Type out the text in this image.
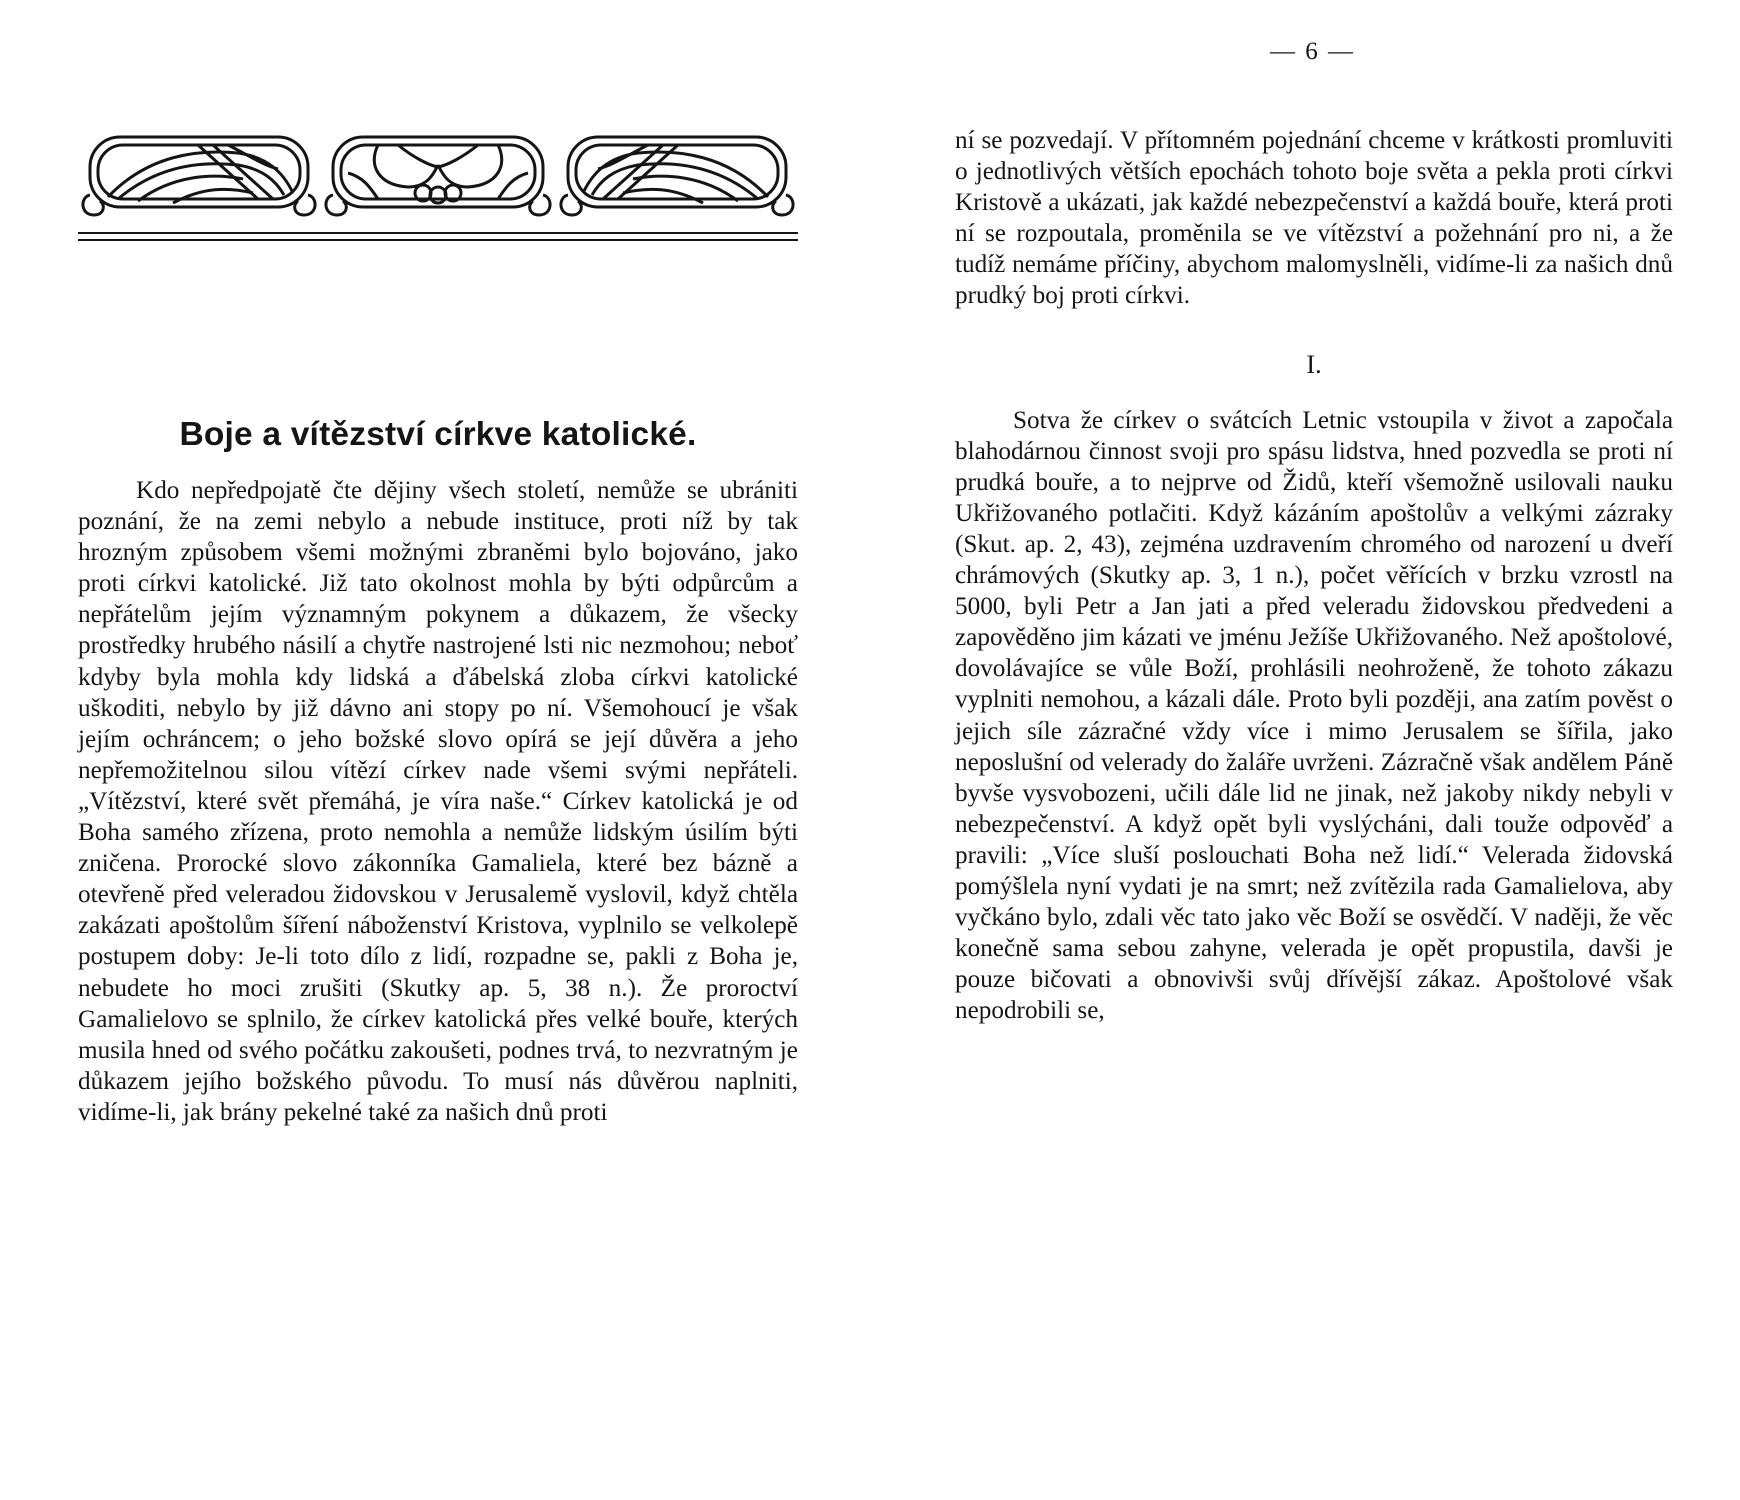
— 6 —
Boje a vítězství církve katolické.

Kdo nepředpojatě čte dějiny všech století, nemůže se ubrániti poznání, že na zemi nebylo a nebude instituce, proti níž by tak hrozným způsobem všemi možnými zbraněmi bylo bojováno, jako proti církvi katolické. Již tato okolnost mohla by býti odpůrcům a nepřátelům jejím významným pokynem a důkazem, že všecky prostředky hrubého násilí a chytře nastrojené lsti nic nezmohou; neboť kdyby byla mohla kdy lidská a ďábelská zloba církvi katolické uškoditi, nebylo by již dávno ani stopy po ní. Všemohoucí je však jejím ochráncem; o jeho božské slovo opírá se její důvěra a jeho nepřemožitelnou silou vítězí církev nade všemi svými nepřáteli. „Vítězství, které svět přemáhá, je víra naše.“ Církev katolická je od Boha samého zřízena, proto nemohla a nemůže lidským úsilím býti zničena. Prorocké slovo zákonníka Gamaliela, které bez bázně a otevřeně před veleradou židovskou v Jerusalemě vyslovil, když chtěla zakázati apoštolům šíření náboženství Kristova, vyplnilo se velkolepě postupem doby: Je-li toto dílo z lidí, rozpadne se, pakli z Boha je, nebudete ho moci zrušiti (Skutky ap. 5, 38 n.). Že proroctví Gamalielovo se splnilo, že církev katolická přes velké bouře, kterých musila hned od svého počátku zakoušeti, podnes trvá, to nezvratným je důkazem jejího božského původu. To musí nás důvěrou naplniti, vidíme-li, jak brány pekelné také za našich dnů proti

ní se pozvedají. V přítomném pojednání chceme v krátkosti promluviti o jednotlivých větších epochách tohoto boje světa a pekla proti církvi Kristově a ukázati, jak každé nebezpečenství a každá bouře, která proti ní se rozpoutala, proměnila se ve vítězství a požehnání pro ni, a že tudíž nemáme příčiny, abychom malomyslněli, vidíme-li za našich dnů prudký boj proti církvi.

I.

Sotva že církev o svátcích Letnic vstoupila v život a započala blahodárnou činnost svoji pro spásu lidstva, hned pozvedla se proti ní prudká bouře, a to nejprve od Židů, kteří všemožně usilovali nauku Ukřižovaného potlačiti. Když kázáním apoštolův a velkými zázraky (Skut. ap. 2, 43), zejména uzdravením chromého od narození u dveří chrámových (Skutky ap. 3, 1 n.), počet věřících v brzku vzrostl na 5000, byli Petr a Jan jati a před veleradu židovskou předvedeni a zapověděno jim kázati ve jménu Ježíše Ukřižovaného. Než apoštolové, dovolávajíce se vůle Boží, prohlásili neohroženě, že tohoto zákazu vyplniti nemohou, a kázali dále. Proto byli později, ana zatím pověst o jejich síle zázračné vždy více i mimo Jerusalem se šířila, jako neposlušní od velerady do žaláře uvrženi. Zázračně však andělem Páně byvše vysvobozeni, učili dále lid ne jinak, než jakoby nikdy nebyli v nebezpečenství. A když opět byli vyslýcháni, dali touže odpověď a pravili: „Více sluší poslouchati Boha než lidí.“ Velerada židovská pomýšlela nyní vydati je na smrt; než zvítězila rada Gamalielova, aby vyčkáno bylo, zdali věc tato jako věc Boží se osvědčí. V naději, že věc konečně sama sebou zahyne, velerada je opět propustila, davši je pouze bičovati a obnovivši svůj dřívější zákaz. Apoštolové však nepodrobili se,
